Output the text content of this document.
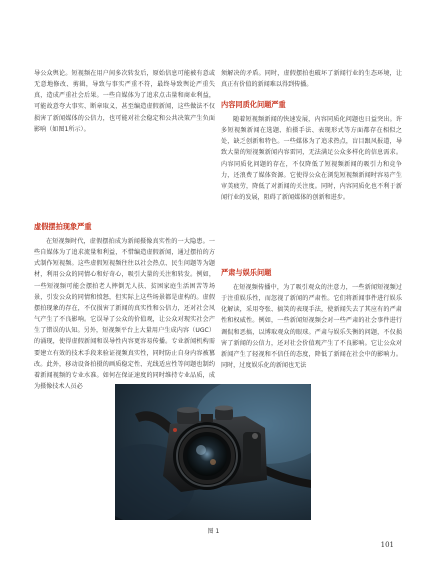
导公众舆论。短视频在用户间多次转发后，原始信息可能被有意或无意地修改、剪辑，导致与事实严重不符，最终导致舆论严重失真，造成严重社会后果。一些自媒体为了追求点击量和商业利益，可能故意夸大事实、断章取义，甚至编造虚假新闻，这些做法不仅损害了新闻媒体的公信力，也可能对社会稳定和公共决策产生负面影响（如图1所示）。

虚假摆拍现象严重

在短视频时代，虚假摆拍成为新闻摄像真实性的一大隐患。一些自媒体为了追求流量和利益，不惜编造虚假新闻，通过摆拍的方式制作短视频。这些虚假短视频往往以社会热点、民生问题等为题材，利用公众的同情心和好奇心，吸引大量的关注和转发。例如，一些短视频可能会摆拍老人摔倒无人扶、贫困家庭生活困苦等场景，引发公众的同情和愤怒，但实际上这些场景都是虚构的。虚假摆拍现象的存在，不仅损害了新闻的真实性和公信力，还对社会风气产生了不良影响。它误导了公众的价值观，让公众对现实社会产生了错误的认知。另外，短视频平台上大量用户生成内容（UGC）的涌现，使得虚假新闻和误导性内容更容易传播。专业新闻机构需要建立有效的技术手段来验证视频真实性，同时防止自身内容被篡改。此外，移动设备拍摄的画质稳定性、光线适应性等问题也制约着新闻视频的专业水准。如何在保证速度的同时维持专业品质，成为摄像技术人员必

须解决的矛盾。同时，虚假摆拍也破坏了新闻行业的生态环境，让真正有价值的新闻难以得到传播。

内容同质化问题严重

随着短视频新闻的快速发展，内容同质化问题也日益突出。许多短视频新闻在选题、拍摄手法、表现形式等方面都存在相似之处，缺乏创新和特色。一些媒体为了追求热点，盲目跟风报道，导致大量的短视频新闻内容雷同，无法满足公众多样化的信息需求。内容同质化问题的存在，不仅降低了短视频新闻的吸引力和竞争力，还浪费了媒体资源。它使得公众在浏览短视频新闻时容易产生审美疲劳，降低了对新闻的关注度。同时，内容同质化也不利于新闻行业的发展，阻碍了新闻媒体的创新和进步。

严肃与娱乐问题

在短视频传播中，为了吸引观众的注意力，一些新闻短视频过于注重娱乐性，而忽视了新闻的严肃性。它们将新闻事件进行娱乐化解读，采用夸张、搞笑的表现手法，使新闻失去了其应有的严肃性和权威性。例如，一些新闻短视频会对一些严肃的社会事件进行调侃和恶搞，以博取观众的眼球。严肃与娱乐失衡的问题，不仅损害了新闻的公信力，还对社会价值观产生了不良影响。它让公众对新闻产生了轻视和不信任的态度，降低了新闻在社会中的影响力。同时，过度娱乐化的新闻也无法

图 1
101
